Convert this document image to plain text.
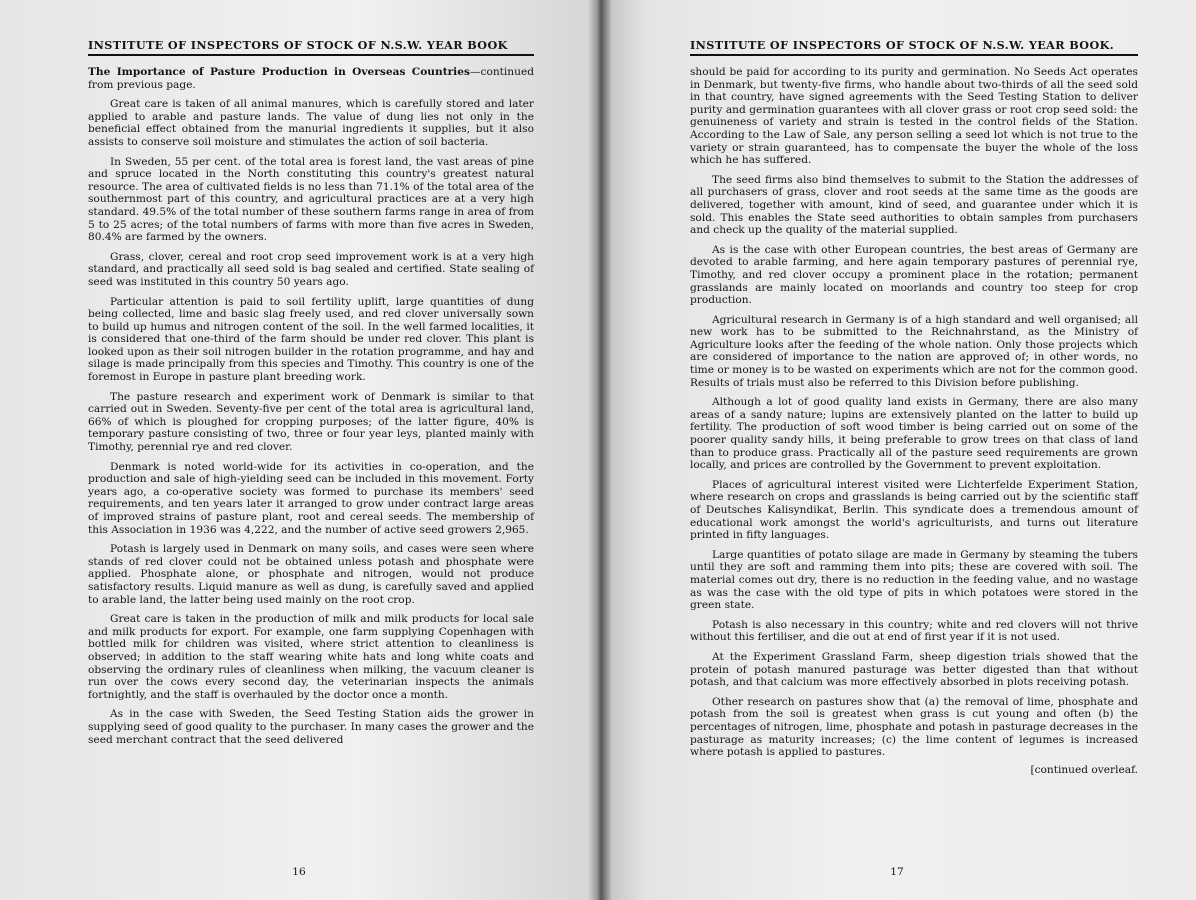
INSTITUTE OF INSPECTORS OF STOCK OF N.S.W. YEAR BOOK

The Importance of Pasture Production in Overseas Countries—continued from previous page.

Great care is taken of all animal manures, which is carefully stored and later applied to arable and pasture lands. The value of dung lies not only in the beneficial effect obtained from the manurial ingredients it supplies, but it also assists to conserve soil moisture and stimulates the action of soil bacteria.

In Sweden, 55 per cent. of the total area is forest land, the vast areas of pine and spruce located in the North constituting this country's greatest natural resource. The area of cultivated fields is no less than 71.1% of the total area of the southernmost part of this country, and agricultural practices are at a very high standard. 49.5% of the total number of these southern farms range in area of from 5 to 25 acres; of the total numbers of farms with more than five acres in Sweden, 80.4% are farmed by the owners.

Grass, clover, cereal and root crop seed improvement work is at a very high standard, and practically all seed sold is bag sealed and certified. State sealing of seed was instituted in this country 50 years ago.

Particular attention is paid to soil fertility uplift, large quantities of dung being collected, lime and basic slag freely used, and red clover universally sown to build up humus and nitrogen content of the soil. In the well farmed localities, it is considered that one-third of the farm should be under red clover. This plant is looked upon as their soil nitrogen builder in the rotation programme, and hay and silage is made principally from this species and Timothy. This country is one of the foremost in Europe in pasture plant breeding work.

The pasture research and experiment work of Denmark is similar to that carried out in Sweden. Seventy-five per cent of the total area is agricultural land, 66% of which is ploughed for cropping purposes; of the latter figure, 40% is temporary pasture consisting of two, three or four year leys, planted mainly with Timothy, perennial rye and red clover.

Denmark is noted world-wide for its activities in co-operation, and the production and sale of high-yielding seed can be included in this movement. Forty years ago, a co-operative society was formed to purchase its members' seed requirements, and ten years later it arranged to grow under contract large areas of improved strains of pasture plant, root and cereal seeds. The membership of this Association in 1936 was 4,222, and the number of active seed growers 2,965.

Potash is largely used in Denmark on many soils, and cases were seen where stands of red clover could not be obtained unless potash and phosphate were applied. Phosphate alone, or phosphate and nitrogen, would not produce satisfactory results. Liquid manure as well as dung, is carefully saved and applied to arable land, the latter being used mainly on the root crop.

Great care is taken in the production of milk and milk products for local sale and milk products for export. For example, one farm supplying Copenhagen with bottled milk for children was visited, where strict attention to cleanliness is observed; in addition to the staff wearing white hats and long white coats and observing the ordinary rules of cleanliness when milking, the vacuum cleaner is run over the cows every second day, the veterinarian inspects the animals fortnightly, and the staff is overhauled by the doctor once a month.

As in the case with Sweden, the Seed Testing Station aids the grower in supplying seed of good quality to the purchaser. In many cases the grower and the seed merchant contract that the seed delivered

16
INSTITUTE OF INSPECTORS OF STOCK OF N.S.W. YEAR BOOK.

should be paid for according to its purity and germination. No Seeds Act operates in Denmark, but twenty-five firms, who handle about two-thirds of all the seed sold in that country, have signed agreements with the Seed Testing Station to deliver purity and germination guarantees with all clover grass or root crop seed sold: the genuineness of variety and strain is tested in the control fields of the Station. According to the Law of Sale, any person selling a seed lot which is not true to the variety or strain guaranteed, has to compensate the buyer the whole of the loss which he has suffered.

The seed firms also bind themselves to submit to the Station the addresses of all purchasers of grass, clover and root seeds at the same time as the goods are delivered, together with amount, kind of seed, and guarantee under which it is sold. This enables the State seed authorities to obtain samples from purchasers and check up the quality of the material supplied.

As is the case with other European countries, the best areas of Germany are devoted to arable farming, and here again temporary pastures of perennial rye, Timothy, and red clover occupy a prominent place in the rotation; permanent grasslands are mainly located on moorlands and country too steep for crop production.

Agricultural research in Germany is of a high standard and well organised; all new work has to be submitted to the Reichnahrstand, as the Ministry of Agriculture looks after the feeding of the whole nation. Only those projects which are considered of importance to the nation are approved of; in other words, no time or money is to be wasted on experiments which are not for the common good. Results of trials must also be referred to this Division before publishing.

Although a lot of good quality land exists in Germany, there are also many areas of a sandy nature; lupins are extensively planted on the latter to build up fertility. The production of soft wood timber is being carried out on some of the poorer quality sandy hills, it being preferable to grow trees on that class of land than to produce grass. Practically all of the pasture seed requirements are grown locally, and prices are controlled by the Government to prevent exploitation.

Places of agricultural interest visited were Lichterfelde Experiment Station, where research on crops and grasslands is being carried out by the scientific staff of Deutsches Kalisyndikat, Berlin. This syndicate does a tremendous amount of educational work amongst the world's agriculturists, and turns out literature printed in fifty languages.

Large quantities of potato silage are made in Germany by steaming the tubers until they are soft and ramming them into pits; these are covered with soil. The material comes out dry, there is no reduction in the feeding value, and no wastage as was the case with the old type of pits in which potatoes were stored in the green state.

Potash is also necessary in this country; white and red clovers will not thrive without this fertiliser, and die out at end of first year if it is not used.

At the Experiment Grassland Farm, sheep digestion trials showed that the protein of potash manured pasturage was better digested than that without potash, and that calcium was more effectively absorbed in plots receiving potash.

Other research on pastures show that (a) the removal of lime, phosphate and potash from the soil is greatest when grass is cut young and often (b) the percentages of nitrogen, lime, phosphate and potash in pasturage decreases in the pasturage as maturity increases; (c) the lime content of legumes is increased where potash is applied to pastures.

[continued overleaf.
17
